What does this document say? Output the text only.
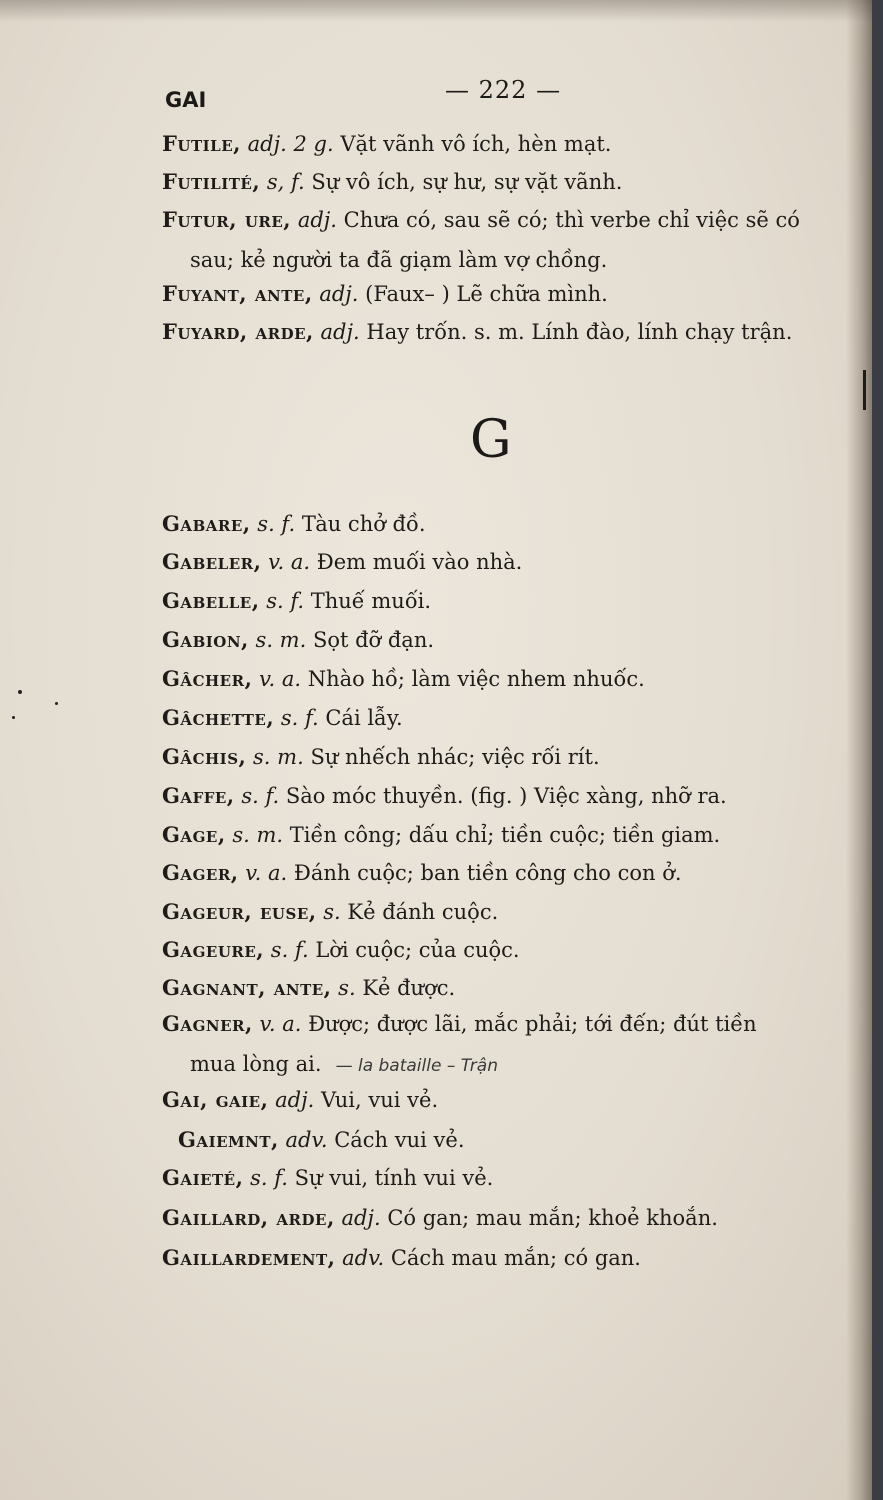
GAI	— 222 —
Futile, adj. 2 g. Vặt vãnh vô ích, hèn mạt.
Futilité, s, f. Sự vô ích, sự hư, sự vặt vãnh.
Futur, ure, adj. Chưa có, sau sẽ có; thì verbe chỉ việc sẽ có
sau; kẻ người ta đã giạm làm vợ chồng.
Fuyant, ante, adj. (Faux– ) Lẽ chữa mình.
Fuyard, arde, adj. Hay trốn. s. m. Lính đào, lính chạy trận.
G
Gabare, s. f. Tàu chở đồ.
Gabeler, v. a. Đem muối vào nhà.
Gabelle, s. f. Thuế muối.
Gabion, s. m. Sọt đỡ đạn.
Gâcher, v. a. Nhào hồ; làm việc nhem nhuốc.
Gâchette, s. f. Cái lẫy.
Gâchis, s. m. Sự nhếch nhác; việc rối rít.
Gaffe, s. f. Sào móc thuyền. (fig. ) Việc xàng, nhỡ ra.
Gage, s. m. Tiền công; dấu chỉ; tiền cuộc; tiền giam.
Gager, v. a. Đánh cuộc; ban tiền công cho con ở.
Gageur, euse, s. Kẻ đánh cuộc.
Gageure, s. f. Lời cuộc; của cuộc.
Gagnant, ante, s. Kẻ được.
Gagner, v. a. Được; được lãi, mắc phải; tới đến; đút tiền
mua lòng ai. — la bataille – Trận
Gai, gaie, adj. Vui, vui vẻ.
Gaiemnt, adv. Cách vui vẻ.
Gaieté, s. f. Sự vui, tính vui vẻ.
Gaillard, arde, adj. Có gan; mau mắn; khoẻ khoắn.
Gaillardement, adv. Cách mau mắn; có gan.
